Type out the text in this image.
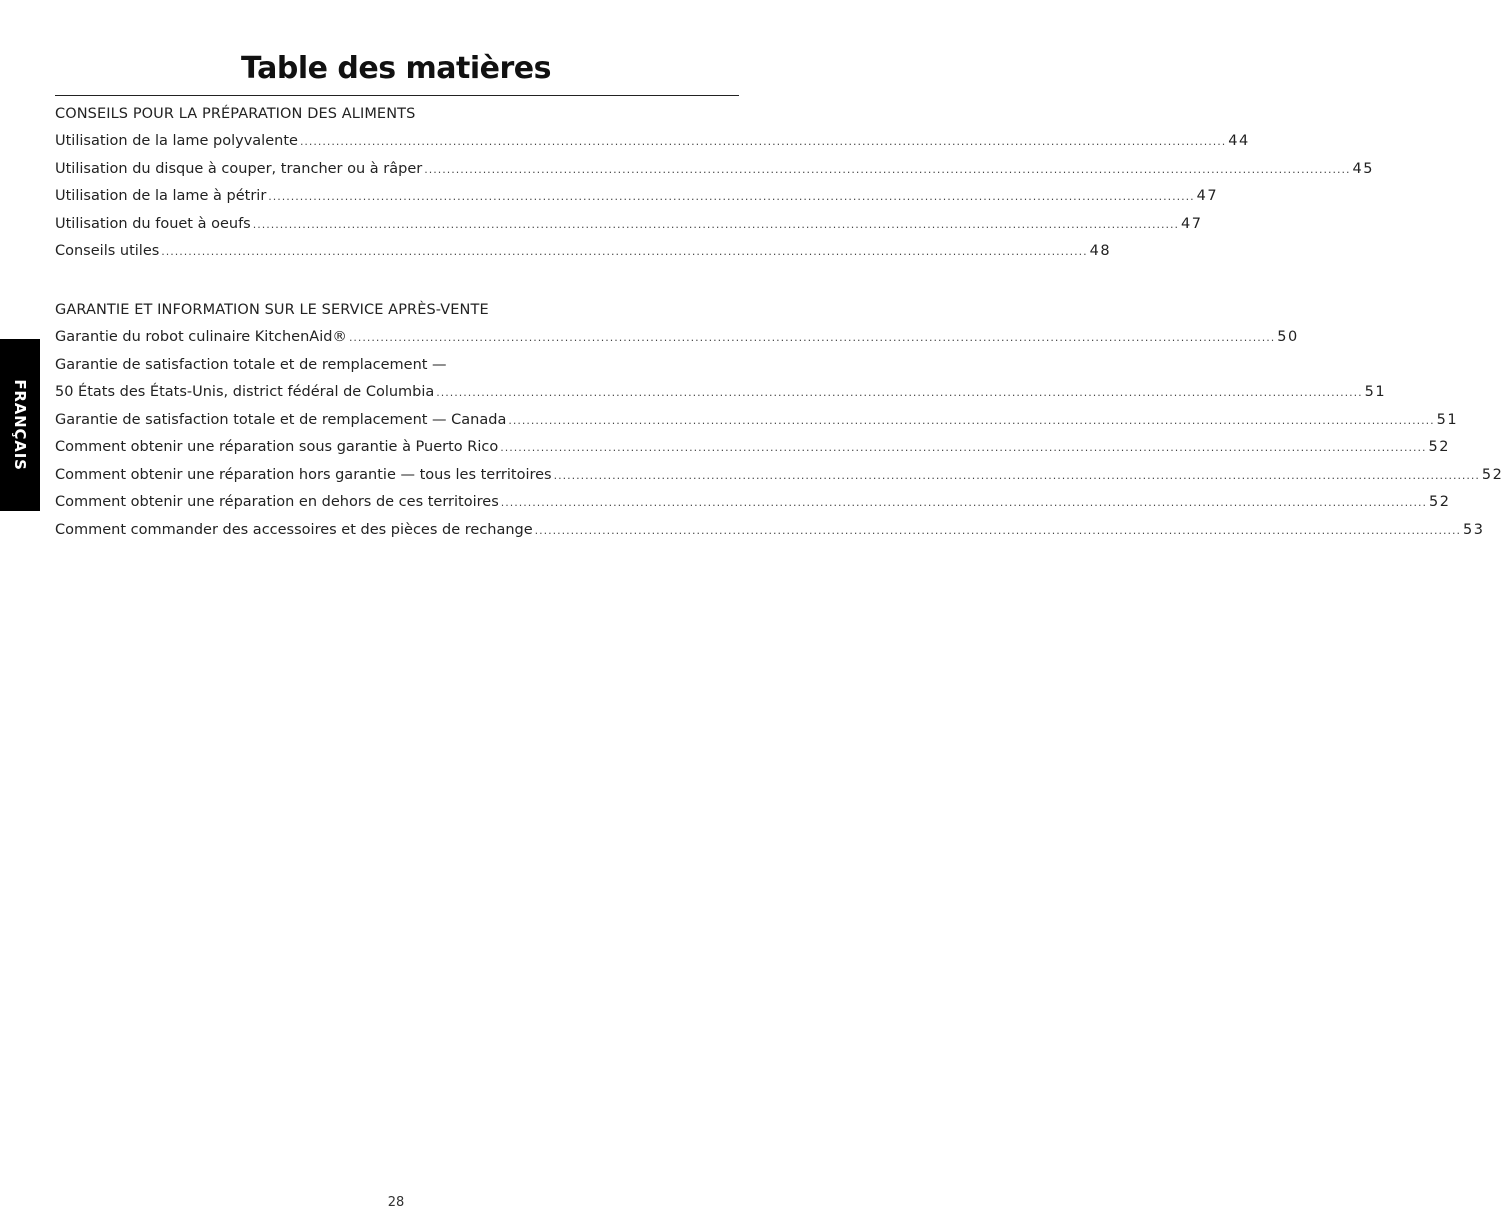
Table des matières
CONSEILS POUR LA PRÉPARATION DES ALIMENTS
Utilisation de la lame polyvalente .............................................................................................................................................................................................................. 44
Utilisation du disque à couper, trancher ou à râper .............................................................................................................................................................................................................. 45
Utilisation de la lame à pétrir .............................................................................................................................................................................................................. 47
Utilisation du fouet à oeufs .............................................................................................................................................................................................................. 47
Conseils utiles .............................................................................................................................................................................................................. 48
GARANTIE ET INFORMATION SUR LE SERVICE APRÈS-VENTE
Garantie du robot culinaire KitchenAid® .............................................................................................................................................................................................................. 50
Garantie de satisfaction totale et de remplacement —
50 États des États-Unis, district fédéral de Columbia .............................................................................................................................................................................................................. 51
Garantie de satisfaction totale et de remplacement — Canada .............................................................................................................................................................................................................. 51
Comment obtenir une réparation sous garantie à Puerto Rico .............................................................................................................................................................................................................. 52
Comment obtenir une réparation hors garantie — tous les territoires .............................................................................................................................................................................................................. 52
Comment obtenir une réparation en dehors de ces territoires .............................................................................................................................................................................................................. 52
Comment commander des accessoires et des pièces de rechange .............................................................................................................................................................................................................. 53
FRANÇAIS
28
